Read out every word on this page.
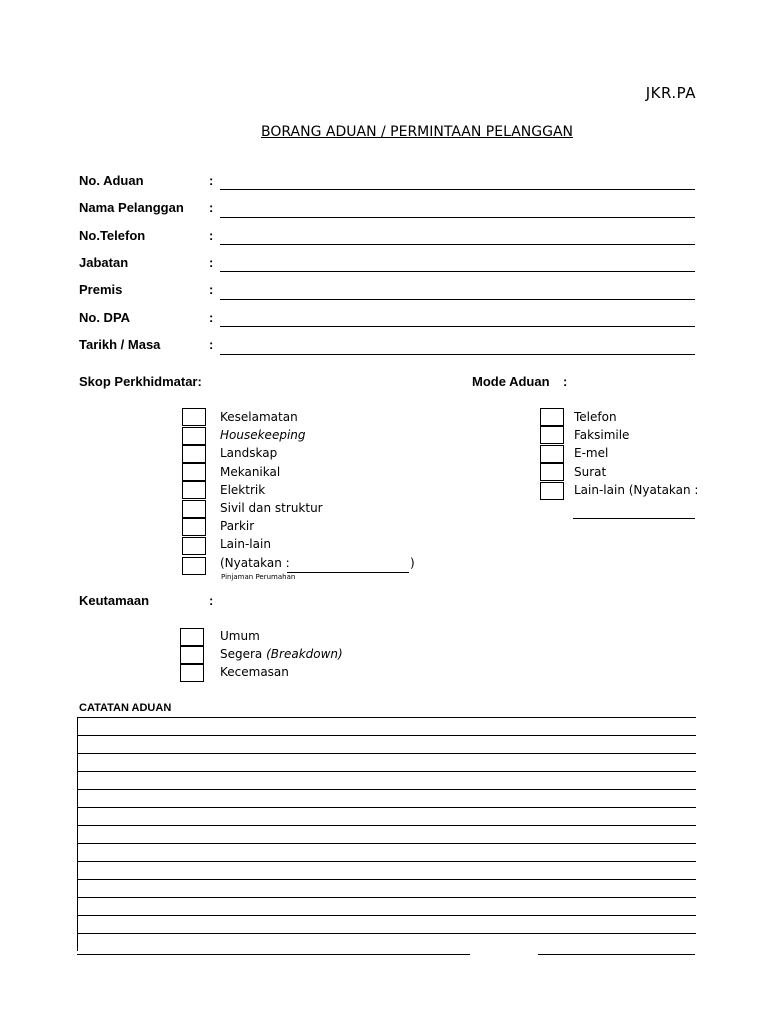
JKR.PA
BORANG ADUAN / PERMINTAAN PELANGGAN
No. Aduan	:
Nama Pelanggan :
No.Telefon	:
Jabatan	:
Premis	:
No. DPA	:
Tarikh / Masa	:
Skop Perkhidmatar:
Keselamatan
Housekeeping
Landskap
Mekanikal
Elektrik
Sivil dan struktur
Parkir
Lain-lain
(Nyatakan :	)
Pinjaman Perumahan
Mode Aduan :
Telefon
Faksimile
E-mel
Surat
Lain-lain (Nyatakan :
Keutamaan	:
Umum
Segera (Breakdown)
Kecemasan
CATATAN ADUAN
